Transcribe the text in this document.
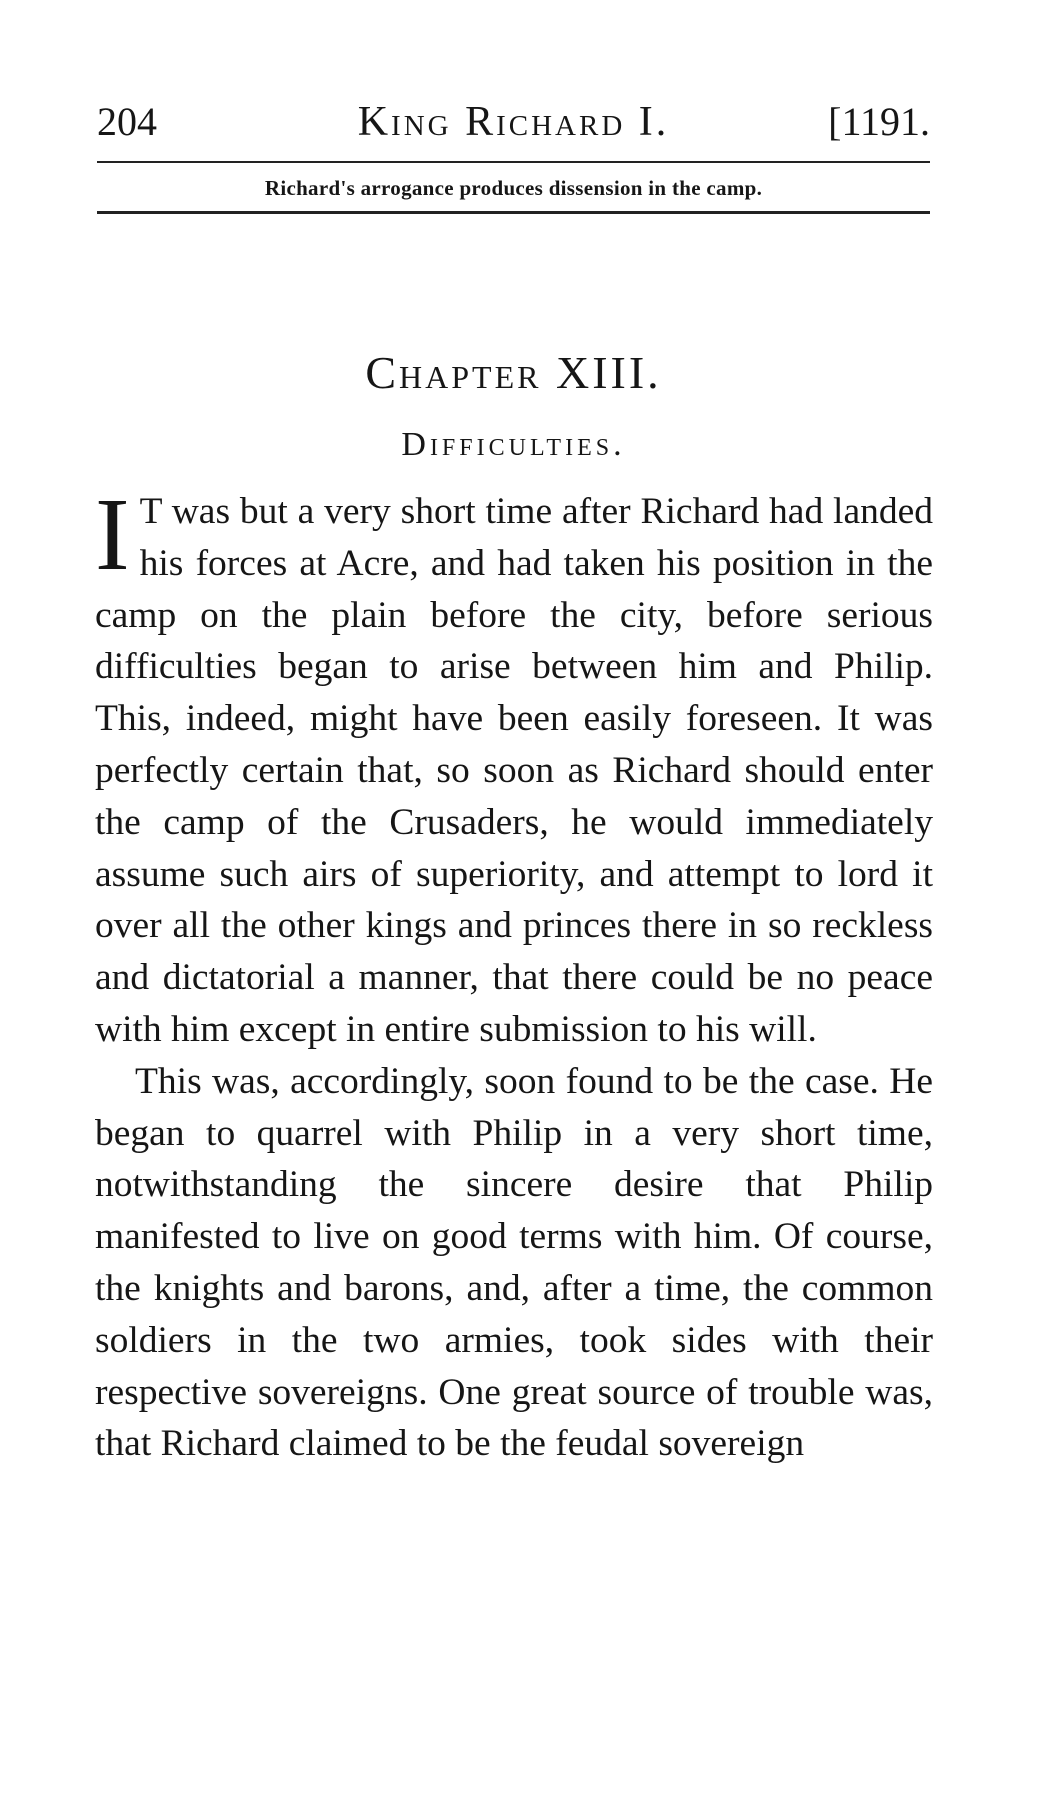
204	King Richard I.	[1191.
Richard's arrogance produces dissension in the camp.
Chapter XIII.
Difficulties.

I T was but a very short time after Richard had landed his forces at Acre, and had taken his position in the camp on the plain before the city, before serious difficulties began to arise between him and Philip. This, indeed, might have been easily foreseen. It was perfectly certain that, so soon as Richard should enter the camp of the Crusaders, he would immediately assume such airs of superiority, and attempt to lord it over all the other kings and princes there in so reckless and dictatorial a manner, that there could be no peace with him except in entire submission to his will.

This was, accordingly, soon found to be the case. He began to quarrel with Philip in a very short time, notwithstanding the sincere desire that Philip manifested to live on good terms with him. Of course, the knights and barons, and, after a time, the common soldiers in the two armies, took sides with their respective sovereigns. One great source of trouble was, that Richard claimed to be the feudal sovereign
